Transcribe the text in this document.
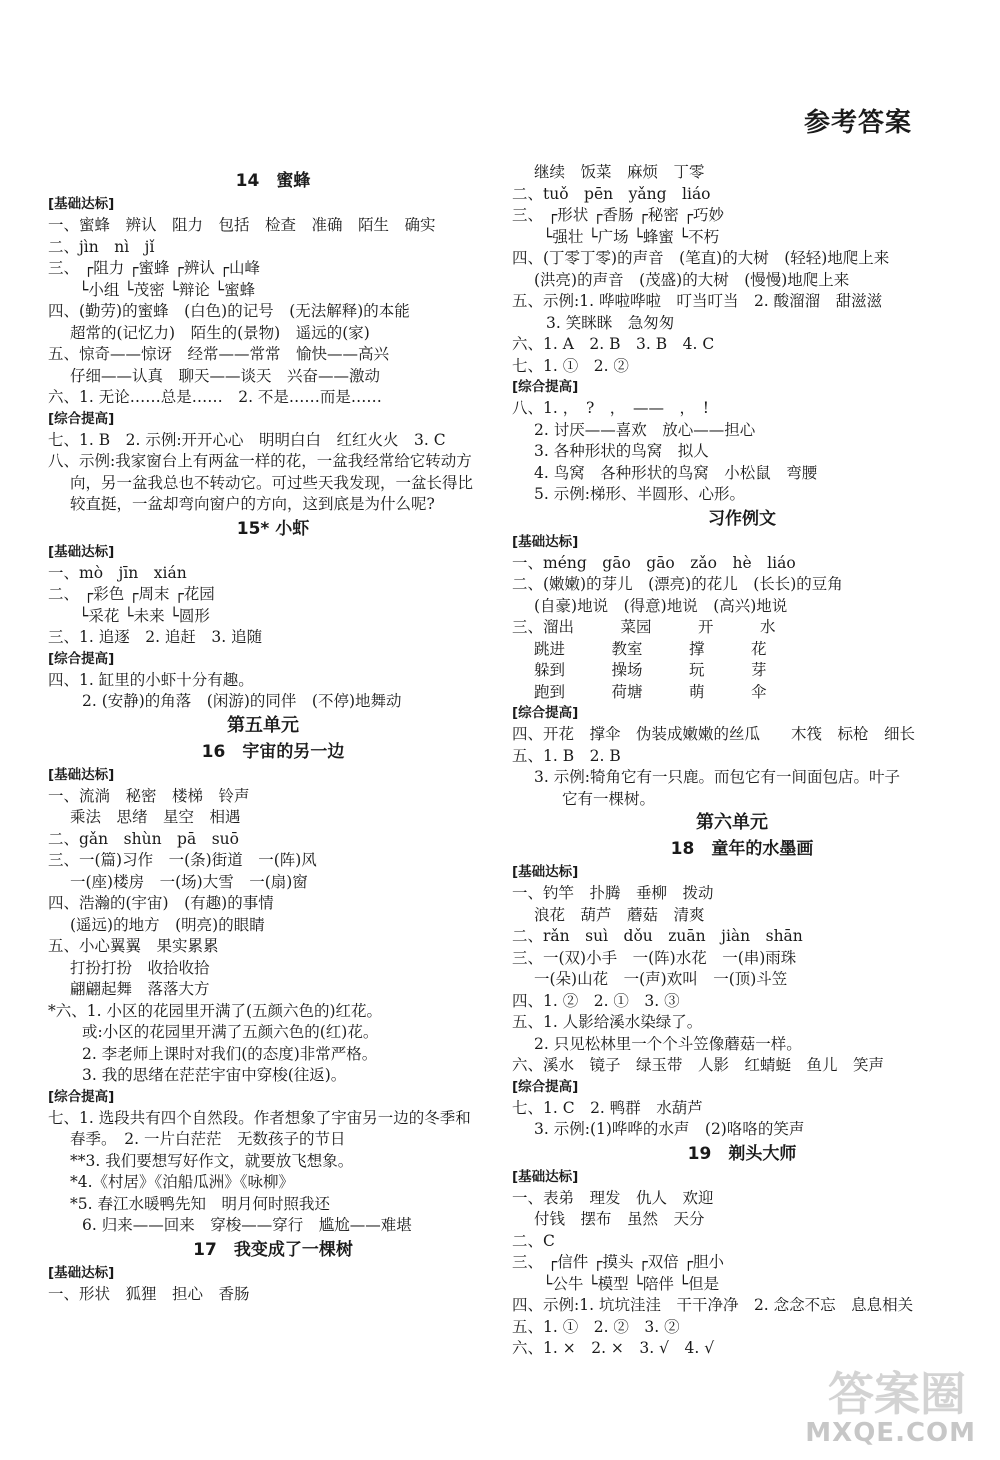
参考答案
14　蜜蜂
[基础达标]
一、蜜蜂　辨认　阻力　包括　检查　准确　陌生　确实
二、jìn　nì　jǐ
三、 ┌阻力 ┌蜜蜂 ┌辨认 ┌山峰
　　└小组 └茂密 └辩论 └蜜蜂
四、(勤劳)的蜜蜂　(白色)的记号　(无法解释)的本能
超常的(记忆力)　陌生的(景物)　遥远的(家)
五、惊奇——惊讶　经常——常常　愉快——高兴
仔细——认真　聊天——谈天　兴奋——激动
六、1. 无论……总是……　2. 不是……而是……
[综合提高]
七、1. B　2. 示例:开开心心　明明白白　红红火火　3. C
八、示例:我家窗台上有两盆一样的花，一盆我经常给它转动方
向，另一盆我总也不转动它。可过些天我发现，一盆长得比
较直挺，一盆却弯向窗户的方向，这到底是为什么呢?
15* 小虾
[基础达标]
一、mò　jīn　xián
二、 ┌彩色 ┌周末 ┌花园
　　└采花 └未来 └圆形
三、1. 追逐　2. 追赶　3. 追随
[综合提高]
四、1. 缸里的小虾十分有趣。
2. (安静)的角落　(闲游)的同伴　(不停)地舞动
第五单元
16　宇宙的另一边
[基础达标]
一、流淌　秘密　楼梯　铃声
乘法　思绪　星空　相遇
二、gǎn　shùn　pā　suō
三、一(篇)习作　一(条)街道　一(阵)风
一(座)楼房　一(场)大雪　一(扇)窗
四、浩瀚的(宇宙)　(有趣)的事情
(遥远)的地方　(明亮)的眼睛
五、小心翼翼　果实累累
打扮打扮　收拾收拾
翩翩起舞　落落大方
*六、1. 小区的花园里开满了(五颜六色的)红花。
或:小区的花园里开满了五颜六色的(红)花。
2. 李老师上课时对我们(的态度)非常严格。
3. 我的思绪在茫茫宇宙中穿梭(往返)。
[综合提高]
七、1. 选段共有四个自然段。作者想象了宇宙另一边的冬季和
春季。　2. 一片白茫茫　无数孩子的节日
**3. 我们要想写好作文，就要放飞想象。
*4.《村居》《泊船瓜洲》《咏柳》
*5. 春江水暖鸭先知　明月何时照我还
6. 归来——回来　穿梭——穿行　尴尬——难堪
17　我变成了一棵树
[基础达标]
一、形状　狐狸　担心　香肠
继续　饭菜　麻烦　丁零
二、tuǒ　pēn　yǎng　liáo
三、 ┌形状 ┌香肠 ┌秘密 ┌巧妙
　　└强壮 └广场 └蜂蜜 └不朽
四、(丁零丁零)的声音　(笔直)的大树　(轻轻)地爬上来
(洪亮)的声音　(茂盛)的大树　(慢慢)地爬上来
五、示例:1. 哗啦哗啦　叮当叮当　2. 酸溜溜　甜滋滋
3. 笑眯眯　急匆匆
六、1. A　2. B　3. B　4. C
七、1. ①　2. ②
[综合提高]
八、1. ，　?　，　——　，　!
2. 讨厌——喜欢　放心——担心
3. 各种形状的鸟窝　拟人
4. 鸟窝　各种形状的鸟窝　小松鼠　弯腰
5. 示例:梯形、半圆形、心形。
习作例文
[基础达标]
一、méng　gāo　gāo　zǎo　hè　liáo
二、(嫩嫩)的芽儿　(漂亮)的花儿　(长长)的豆角
(自豪)地说　(得意)地说　(高兴)地说
三、溜出　　　菜园　　　开　　　水
跳进　　　教室　　　撑　　　花
躲到　　　操场　　　玩　　　芽
跑到　　　荷塘　　　萌　　　伞
[综合提高]
四、开花　撑伞　伪装成嫩嫩的丝瓜　　木筏　标枪　细长
五、1. B　2. B
3. 示例:犄角它有一只鹿。而包它有一间面包店。叶子
它有一棵树。
第六单元
18　童年的水墨画
[基础达标]
一、钓竿　扑腾　垂柳　拨动
浪花　葫芦　蘑菇　清爽
二、rǎn　suì　dǒu　zuān　jiàn　shān
三、一(双)小手　一(阵)水花　一(串)雨珠
一(朵)山花　一(声)欢叫　一(顶)斗笠
四、1. ②　2. ①　3. ③
五、1. 人影给溪水染绿了。
2. 只见松林里一个个斗笠像蘑菇一样。
六、溪水　镜子　绿玉带　人影　红蜻蜓　鱼儿　笑声
[综合提高]
七、1. C　2. 鸭群　水葫芦
3. 示例:(1)哗哗的水声　(2)咯咯的笑声
19　剃头大师
[基础达标]
一、表弟　理发　仇人　欢迎
付钱　摆布　虽然　天分
二、C
三、 ┌信件 ┌摸头 ┌双倍 ┌胆小
　　└公牛 └模型 └陪伴 └但是
四、示例:1. 坑坑洼洼　干干净净　2. 念念不忘　息息相关
五、1. ①　2. ②　3. ②
六、1. ×　2. ×　3. √　4. √
答案圈
MXQE.COM
